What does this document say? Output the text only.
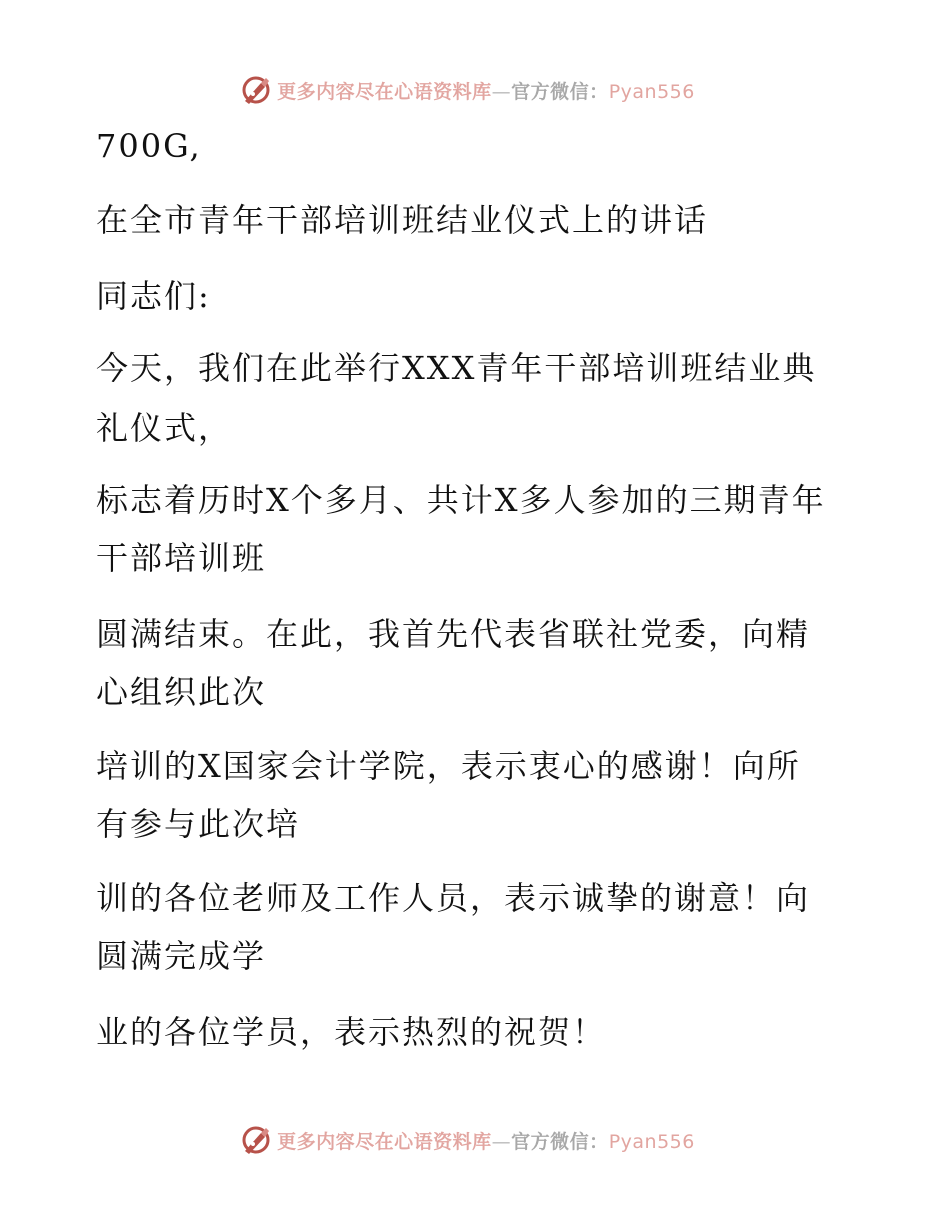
更多内容尽在心语资料库—官方微信：Pyan556
700G,
在全市青年干部培训班结业仪式上的讲话
同志们:
今天，我们在此举行XXX青年干部培训班结业典
礼仪式，
标志着历时X个多月、共计X多人参加的三期青年
干部培训班
圆满结束。在此，我首先代表省联社党委，向精
心组织此次
培训的X国家会计学院，表示衷心的感谢！向所
有参与此次培
训的各位老师及工作人员，表示诚挚的谢意！向
圆满完成学
业的各位学员，表示热烈的祝贺！
更多内容尽在心语资料库—官方微信：Pyan556
